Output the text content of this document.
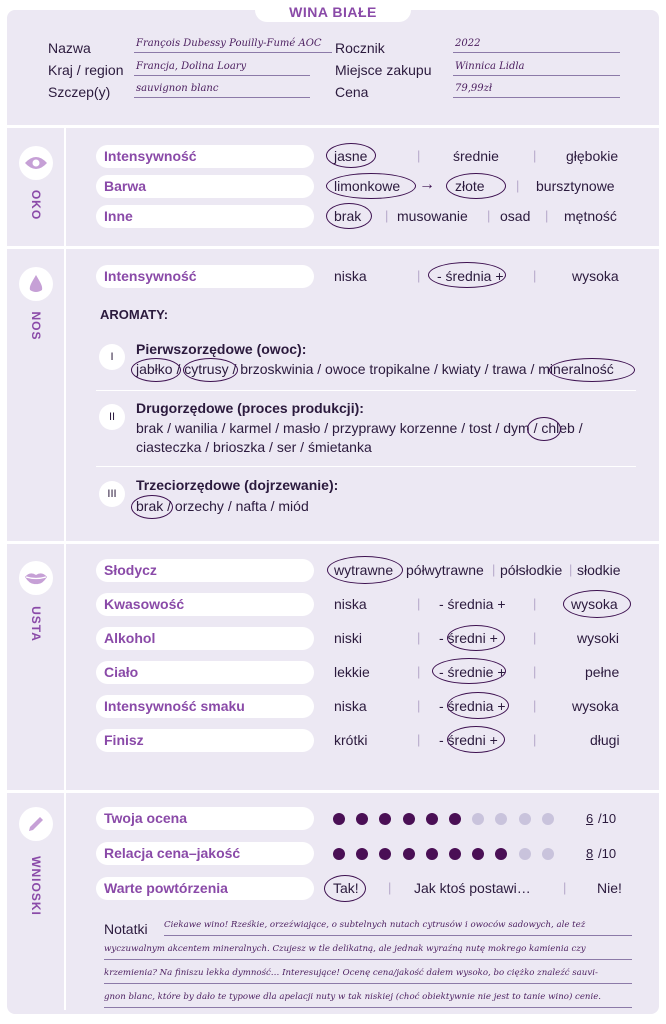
WINA BIAŁE
Nazwa	François Dubessy Pouilly-Fumé AOC
Kraj / region Francja, Dolina Loary
Szczep(y)	sauvignon blanc
Rocznik	2022
Miejsce zakupu Winnica Lidla
Cena	79,99zł
OKO
Intensywność	jasne	| średnie	| głębokie
Barwa	limonkowe → złote | bursztynowe
Inne	brak | musowanie | osad | mętność
NOS
Intensywność	niska	| - średnia + |	wysoka
AROMATY:
I	Pierwszorzędowe (owoc):
jabłko / cytrusy / brzoskwinia / owoce tropikalne / kwiaty / trawa / mineralność
II
Drugorzędowe (proces produkcji):
brak / wanilia / karmel / masło / przyprawy korzenne / tost / dym / chleb /
ciasteczka / brioszka / ser / śmietanka
III
Trzeciorzędowe (dojrzewanie):
brak / orzechy / nafta / miód
USTA
Słodycz	wytrawne półwytrawne | półsłodkie | słodkie
Kwasowość	niska	| - średnia + | wysoka
Alkohol	niski	| - średni +	|	wysoki
Ciało	lekkie	| - średnie + |	pełne
Intensywność smaku	niska	| - średnia + |	wysoka
Finisz	krótki	| - średni +	|	długi
WNIOSKI
Twoja ocena	6 /10
Relacja cena–jakość	8 /10
Warte powtórzenia	Tak! | Jak ktoś postawi… | Nie!
Notatki Ciekawe wino! Rześkie, orzeźwiające, o subtelnych nutach cytrusów i owoców sadowych, ale też
wyczuwalnym akcentem mineralnych. Czujesz w tle delikatną, ale jednak wyraźną nutę mokrego kamienia czy
krzemienia? Na finiszu lekka dymność… Interesujące! Ocenę cena/jakość dałem wysoko, bo ciężko znaleźć sauvi-
gnon blanc, które by dało te typowe dla apelacji nuty w tak niskiej (choć obiektywnie nie jest to tanie wino) cenie.
